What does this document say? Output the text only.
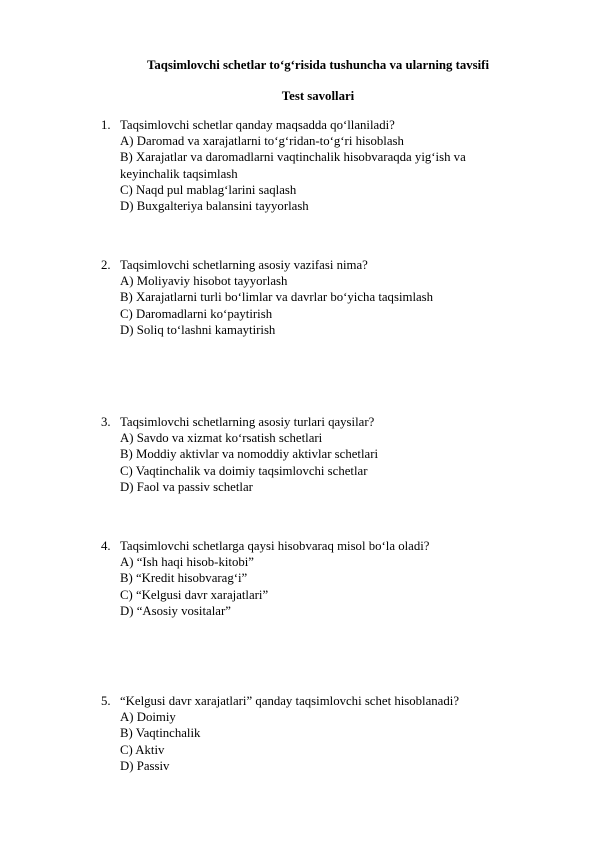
Taqsimlovchi schetlar to‘g‘risida tushuncha va ularning tavsifi
Test savollari
1. Taqsimlovchi schetlar qanday maqsadda qo‘llaniladi?
A) Daromad va xarajatlarni to‘g‘ridan-to‘g‘ri hisoblash
B) Xarajatlar va daromadlarni vaqtinchalik hisobvaraqda yig‘ish va keyinchalik taqsimlash
C) Naqd pul mablag‘larini saqlash
D) Buxgalteriya balansini tayyorlash
2. Taqsimlovchi schetlarning asosiy vazifasi nima?
A) Moliyaviy hisobot tayyorlash
B) Xarajatlarni turli bo‘limlar va davrlar bo‘yicha taqsimlash
C) Daromadlarni ko‘paytirish
D) Soliq to‘lashni kamaytirish
3. Taqsimlovchi schetlarning asosiy turlari qaysilar?
A) Savdo va xizmat ko‘rsatish schetlari
B) Moddiy aktivlar va nomoddiy aktivlar schetlari
C) Vaqtinchalik va doimiy taqsimlovchi schetlar
D) Faol va passiv schetlar
4. Taqsimlovchi schetlarga qaysi hisobvaraq misol bo‘la oladi?
A) “Ish haqi hisob-kitobi”
B) “Kredit hisobvarag‘i”
C) “Kelgusi davr xarajatlari”
D) “Asosiy vositalar”
5. “Kelgusi davr xarajatlari” qanday taqsimlovchi schet hisoblanadi?
A) Doimiy
B) Vaqtinchalik
C) Aktiv
D) Passiv
